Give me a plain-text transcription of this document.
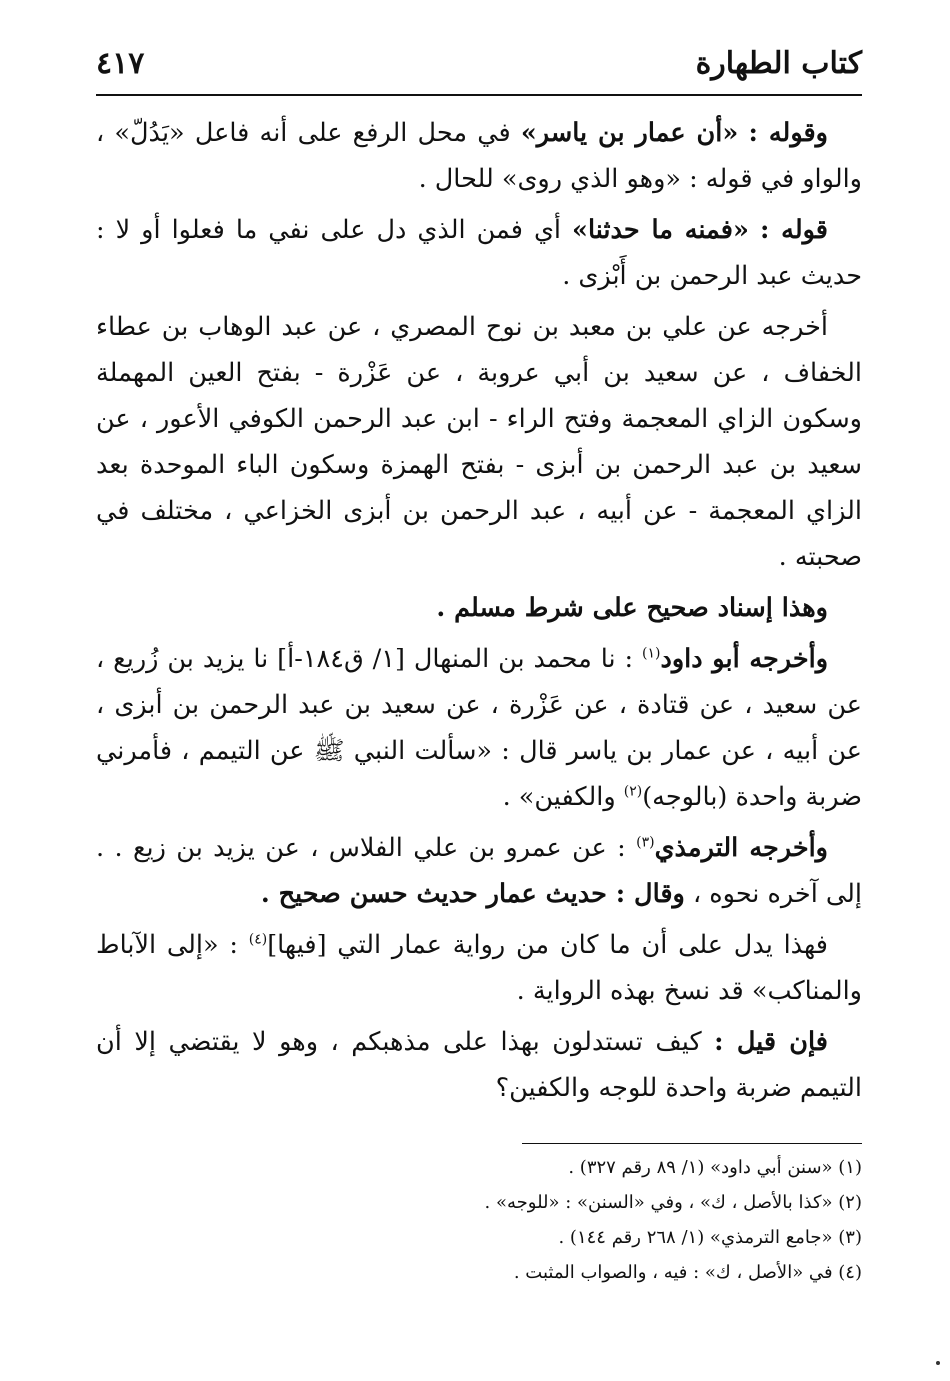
كتاب الطهارة
٤١٧

وقوله : «أن عمار بن ياسر» في محل الرفع على أنه فاعل «يَدُلّ» ، والواو في قوله : «وهو الذي روى» للحال .

قوله : «فمنه ما حدثنا» أي فمن الذي دل على نفي ما فعلوا أو لا : حديث عبد الرحمن بن أَبْزى .

أخرجه عن علي بن معبد بن نوح المصري ، عن عبد الوهاب بن عطاء الخفاف ، عن سعيد بن أبي عروبة ، عن عَزْرة - بفتح العين المهملة وسكون الزاي المعجمة وفتح الراء - ابن عبد الرحمن الكوفي الأعور ، عن سعيد بن عبد الرحمن بن أبزى - بفتح الهمزة وسكون الباء الموحدة بعد الزاي المعجمة - عن أبيه ، عبد الرحمن بن أبزى الخزاعي ، مختلف في صحبته .

وهذا إسناد صحيح على شرط مسلم .

وأخرجه أبو داود$^{(١)}$ : نا محمد بن المنهال [١/ ق١٨٤-أ] نا يزيد بن زُريع ، عن سعيد ، عن قتادة ، عن عَزْرة ، عن سعيد بن عبد الرحمن بن أبزى ، عن أبيه ، عن عمار بن ياسر قال : «سألت النبي ﷺ عن التيمم ، فأمرني ضربة واحدة (بالوجه)$^{(٢)}$ والكفين» .

وأخرجه الترمذي$^{(٣)}$ : عن عمرو بن علي الفلاس ، عن يزيد بن زيع . . إلى آخره نحوه ، وقال : حديث عمار حديث حسن صحيح .

فهذا يدل على أن ما كان من رواية عمار التي [فيها]$^{(٤)}$ : «إلى الآباط والمناكب» قد نسخ بهذه الرواية .

فإن قيل : كيف تستدلون بهذا على مذهبكم ، وهو لا يقتضي إلا أن التيمم ضربة واحدة للوجه والكفين؟

(١) «سنن أبي داود» (١/ ٨٩ رقم ٣٢٧) .

(٢) «كذا بالأصل ، ك» ، وفي «السنن» : «للوجه» .

(٣) «جامع الترمذي» (١/ ٢٦٨ رقم ١٤٤) .

(٤) في «الأصل ، ك» : فيه ، والصواب المثبت .
